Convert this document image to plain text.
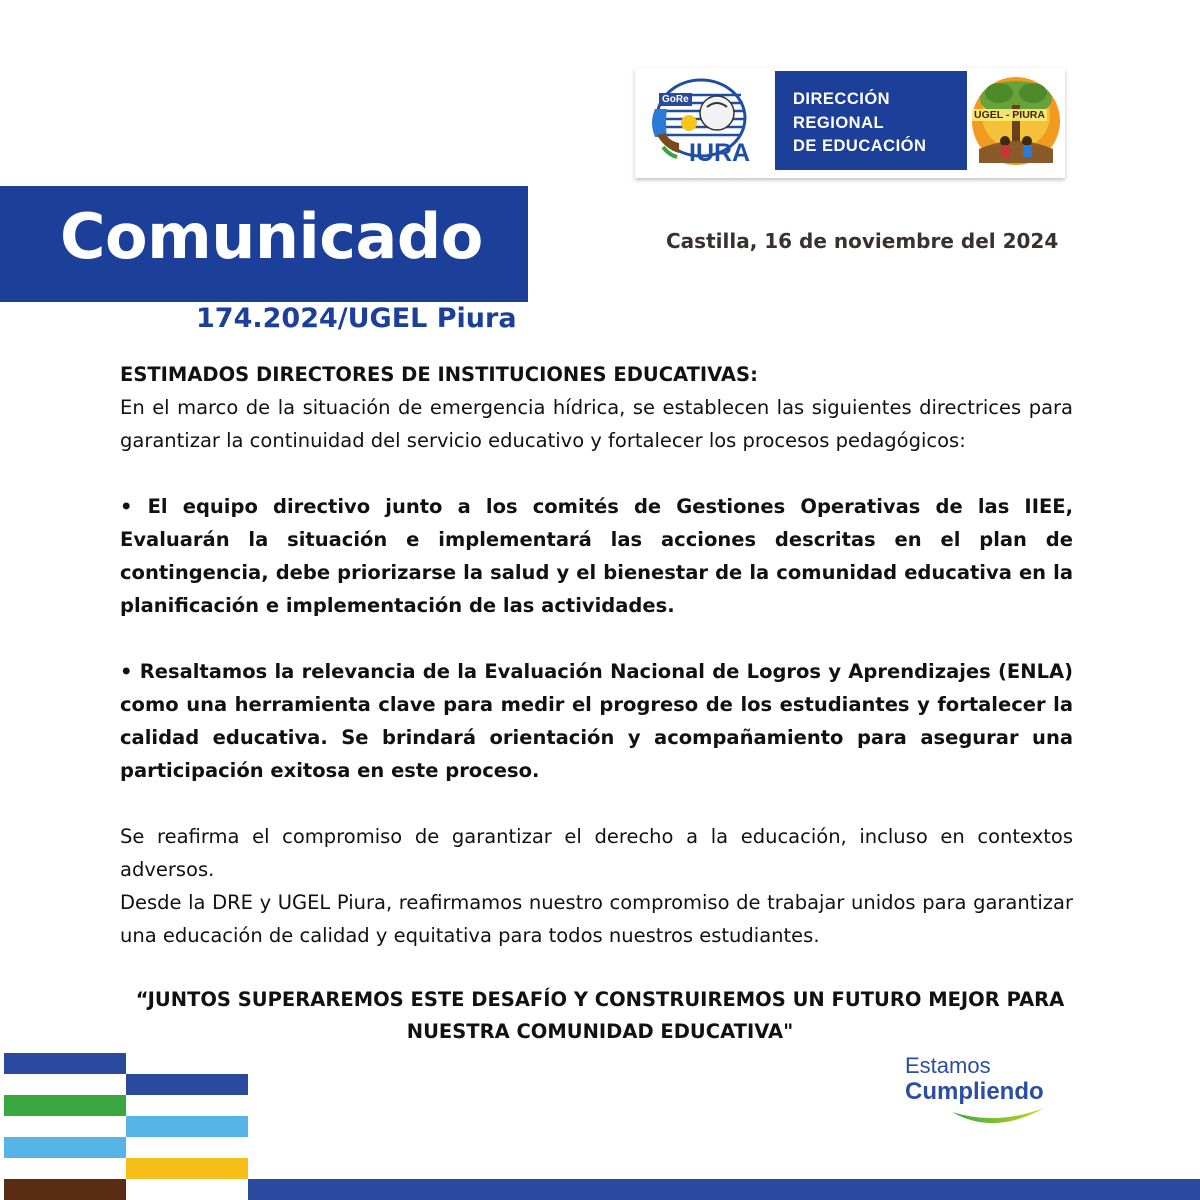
GoRe
IURA
DIRECCIÓN
REGIONAL
DE EDUCACIÓN
UGEL - PIURA
Comunicado
174.2024/UGEL Piura
Castilla, 16 de noviembre del 2024

ESTIMADOS DIRECTORES DE INSTITUCIONES EDUCATIVAS:

En el marco de la situación de emergencia hídrica, se establecen las siguientes directrices para garantizar la continuidad del servicio educativo y fortalecer los procesos pedagógicos:

• El equipo directivo junto a los comités de Gestiones Operativas de las IIEE, Evaluarán la situación e implementará las acciones descritas en el plan de contingencia, debe priorizarse la salud y el bienestar de la comunidad educativa en la planificación e implementación de las actividades.

• Resaltamos la relevancia de la Evaluación Nacional de Logros y Aprendizajes (ENLA) como una herramienta clave para medir el progreso de los estudiantes y fortalecer la calidad educativa. Se brindará orientación y acompañamiento para asegurar una participación exitosa en este proceso.

Se reafirma el compromiso de garantizar el derecho a la educación, incluso en contextos adversos.

Desde la DRE y UGEL Piura, reafirmamos nuestro compromiso de trabajar unidos para garantizar una educación de calidad y equitativa para todos nuestros estudiantes.

“JUNTOS SUPERAREMOS ESTE DESAFÍO Y CONSTRUIREMOS UN FUTURO MEJOR PARA
NUESTRA COMUNIDAD EDUCATIVA"
Estamos
Cumpliendo
